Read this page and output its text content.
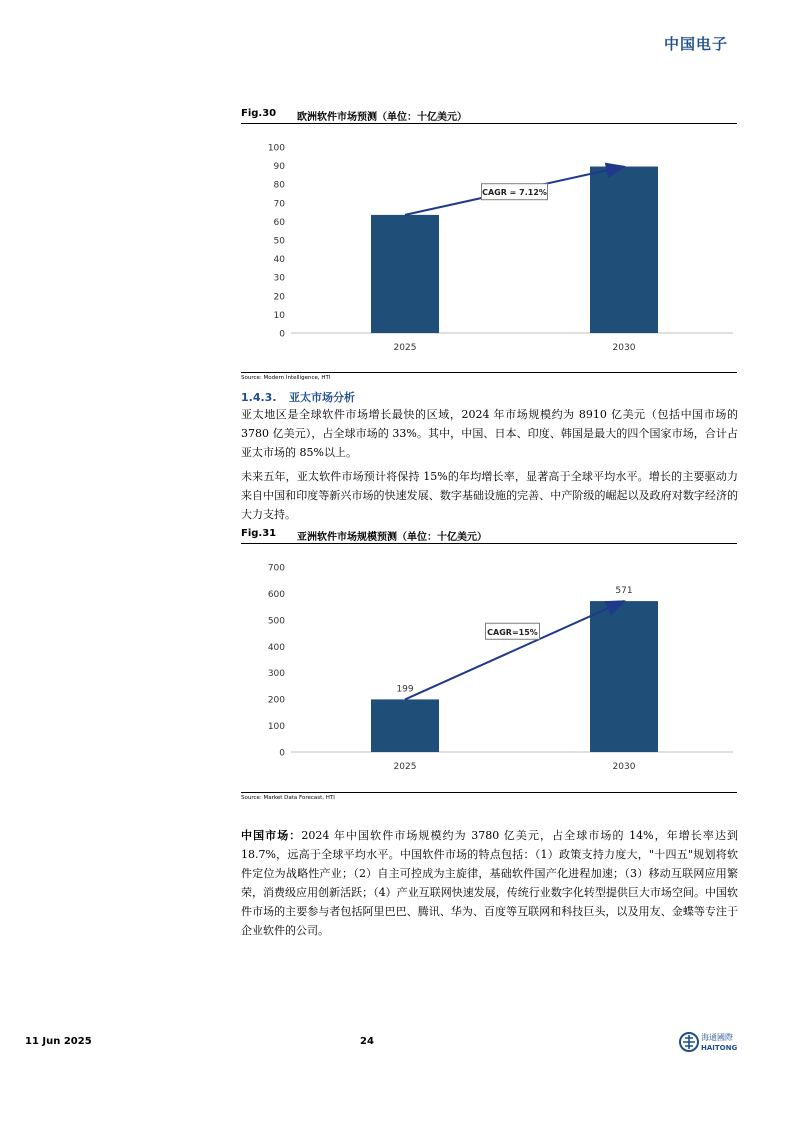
中国电子
Fig.30 欧洲软件市场预测（单位：十亿美元）
0
10
20
30
40
50
60
70
80
90
100
2025	2030
CAGR = 7.12%
Source: Modern Intelligence, HTI
1.4.3. 亚太市场分析
亚太地区是全球软件市场增长最快的区域，2024 年市场规模约为 8910 亿美元（包括中国市场的 3780 亿美元），占全球市场的 33%。其中，中国、日本、印度、韩国是最大的四个国家市场，合计占亚太市场的 85%以上。
未来五年，亚太软件市场预计将保持 15%的年均增长率，显著高于全球平均水平。增长的主要驱动力来自中国和印度等新兴市场的快速发展、数字基础设施的完善、中产阶级的崛起以及政府对数字经济的大力支持。
Fig.31 亚洲软件市场规模预测（单位：十亿美元）
0
100
200
300
400
500
600
700
2025
199
2030
571
CAGR=15%
Source: Market Data Forecast, HTI
中国市场：2024 年中国软件市场规模约为 3780 亿美元，占全球市场的 14%，年增长率达到 18.7%，远高于全球平均水平。中国软件市场的特点包括：（1）政策支持力度大，"十四五"规划将软件定位为战略性产业；（2）自主可控成为主旋律，基础软件国产化进程加速；（3）移动互联网应用繁荣，消费级应用创新活跃；（4）产业互联网快速发展，传统行业数字化转型提供巨大市场空间。中国软件市场的主要参与者包括阿里巴巴、腾讯、华为、百度等互联网和科技巨头，以及用友、金蝶等专注于企业软件的公司。
11 Jun 2025	24	海通國際
HAITONG
